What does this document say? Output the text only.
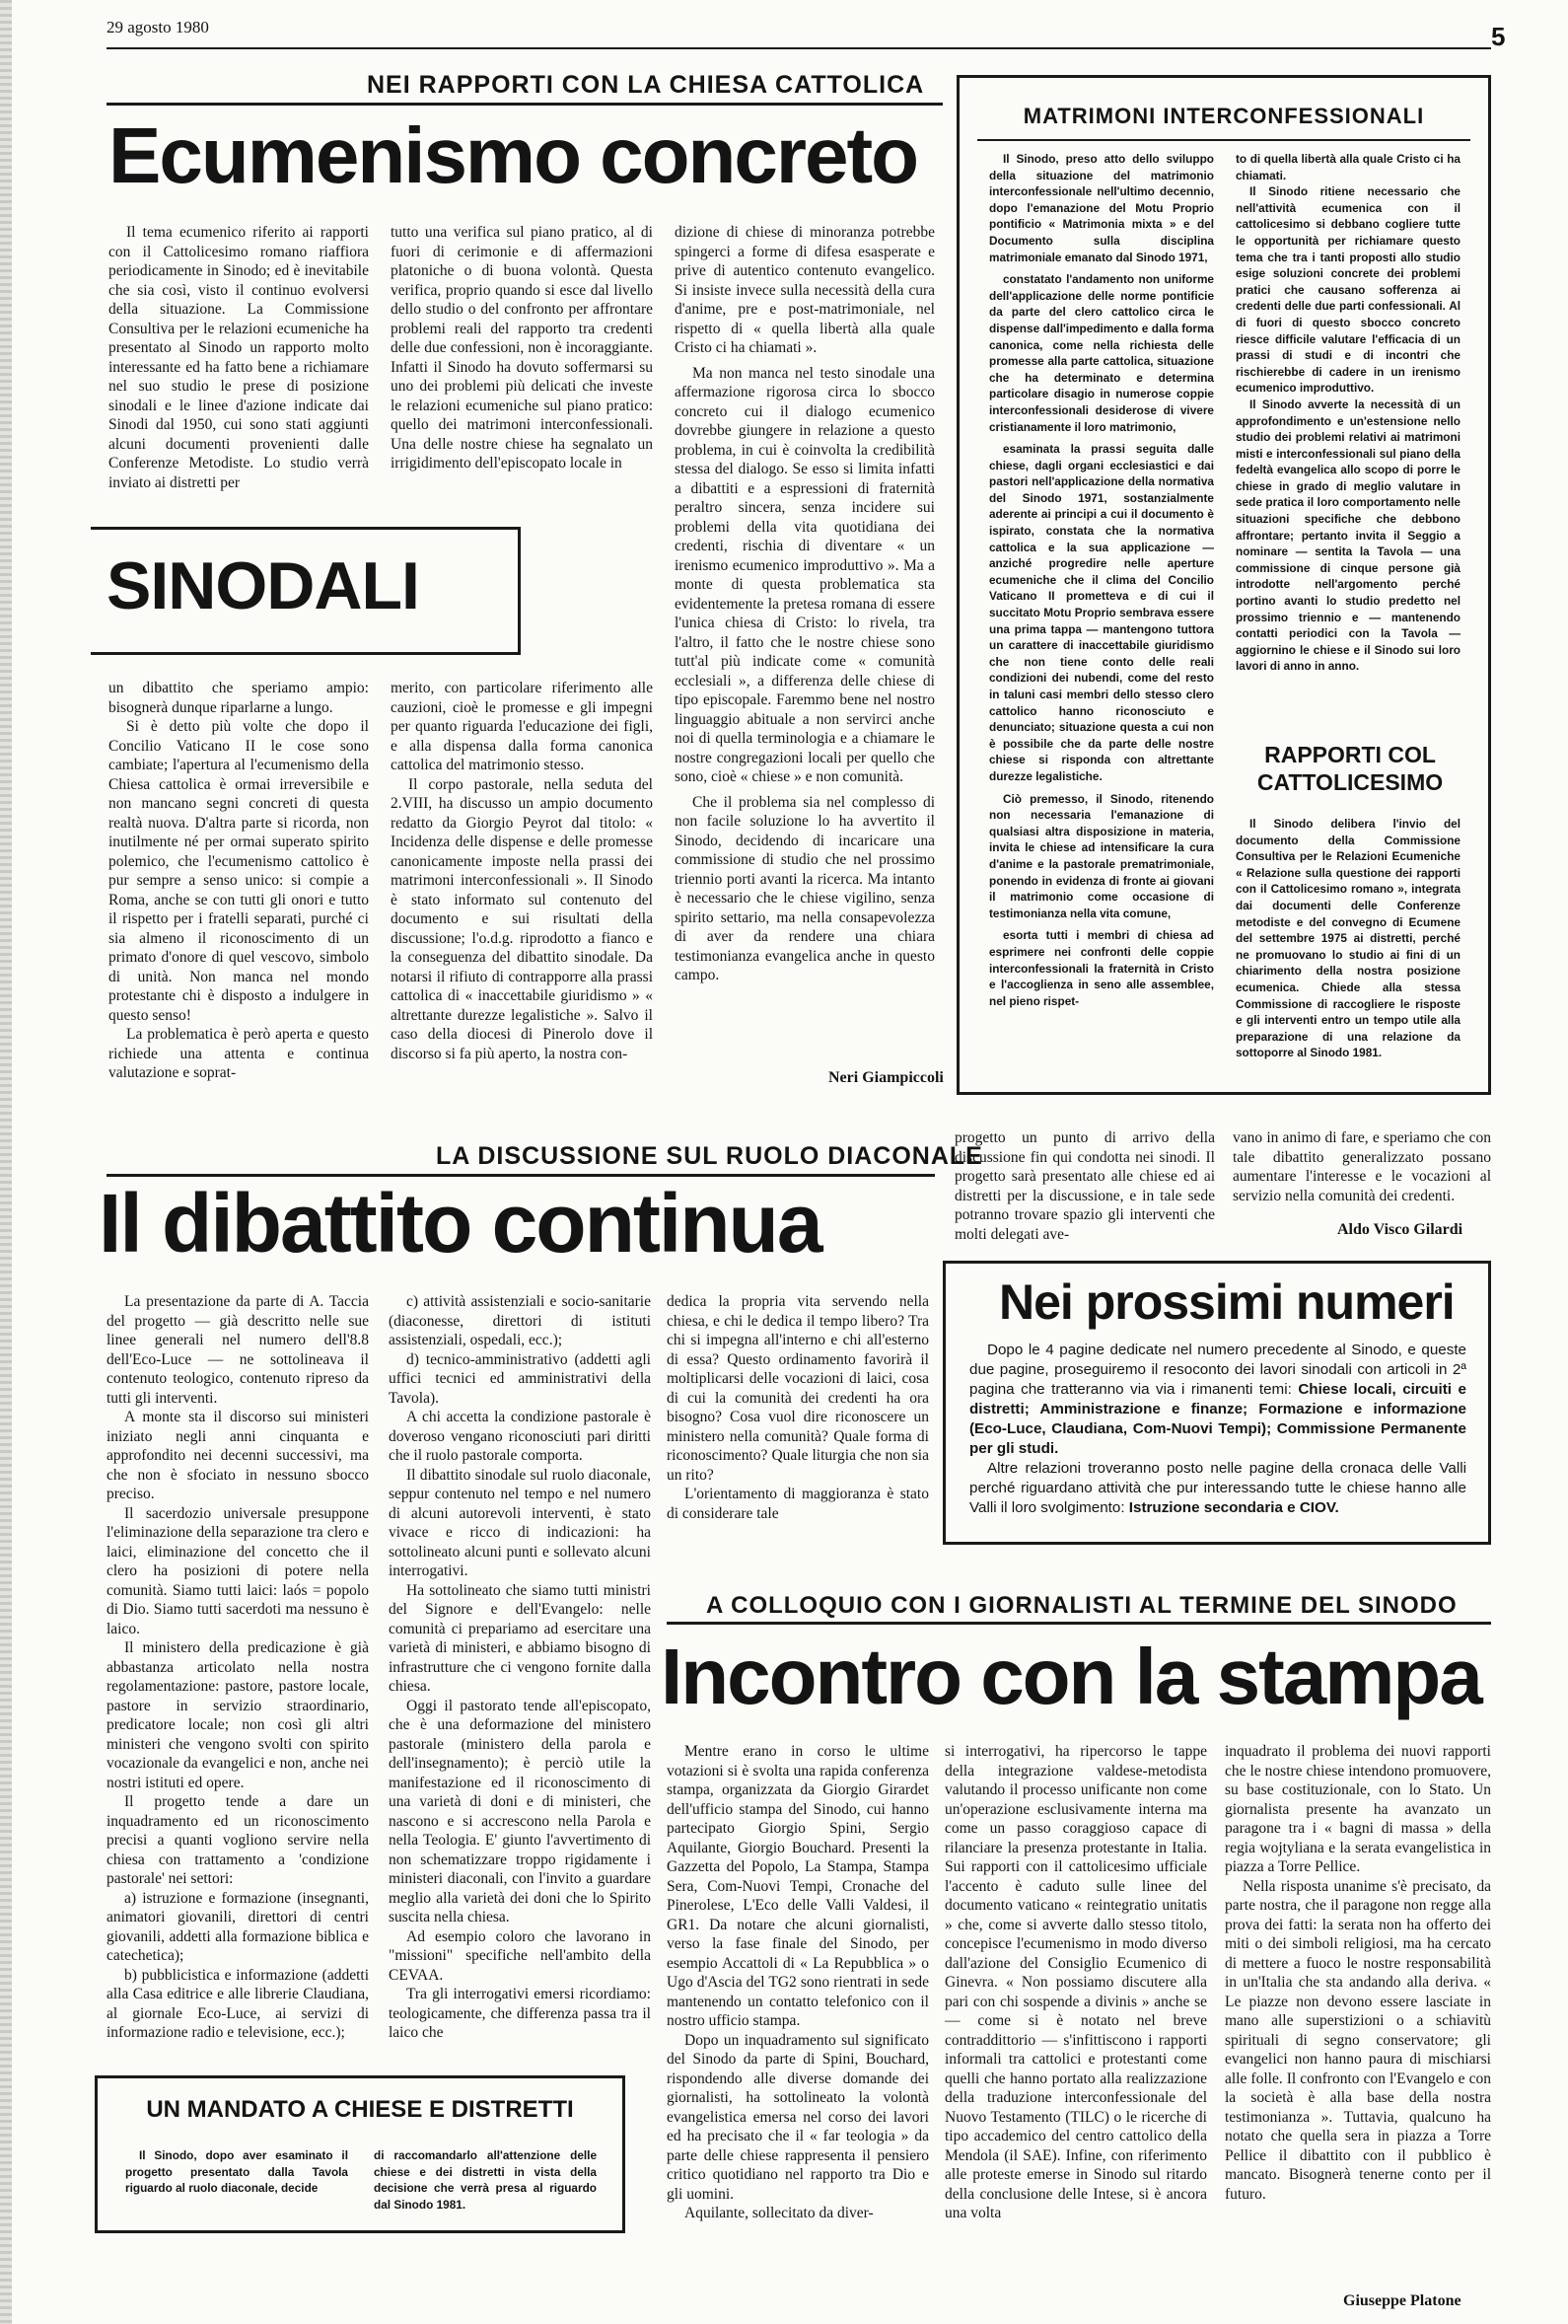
29 agosto 1980	5
NEI RAPPORTI CON LA CHIESA CATTOLICA
Ecumenismo concreto

Il tema ecumenico riferito ai rapporti con il Cattolicesimo romano riaffiora periodicamente in Sinodo; ed è inevitabile che sia così, visto il continuo evolversi della situazione. La Commissione Consultiva per le relazioni ecumeniche ha presentato al Sinodo un rapporto molto interessante ed ha fatto bene a richiamare nel suo studio le prese di posizione sinodali e le linee d'azione indicate dai Sinodi dal 1950, cui sono stati aggiunti alcuni documenti provenienti dalle Conferenze Metodiste. Lo studio verrà inviato ai distretti per

tutto una verifica sul piano pratico, al di fuori di cerimonie e di affermazioni platoniche o di buona volontà. Questa verifica, proprio quando si esce dal livello dello studio o del confronto per affrontare problemi reali del rapporto tra credenti delle due confessioni, non è incoraggiante. Infatti il Sinodo ha dovuto soffermarsi su uno dei problemi più delicati che investe le relazioni ecumeniche sul piano pratico: quello dei matrimoni interconfessionali. Una delle nostre chiese ha segnalato un irrigidimento dell'episcopato locale in

dizione di chiese di minoranza potrebbe spingerci a forme di difesa esasperate e prive di autentico contenuto evangelico. Si insiste invece sulla necessità della cura d'anime, pre e post-matrimoniale, nel rispetto di « quella libertà alla quale Cristo ci ha chiamati ».

Ma non manca nel testo sinodale una affermazione rigorosa circa lo sbocco concreto cui il dialogo ecumenico dovrebbe giungere in relazione a questo problema, in cui è coinvolta la credibilità stessa del dialogo. Se esso si limita infatti a dibattiti e a espressioni di fraternità peraltro sincera, senza incidere sui problemi della vita quotidiana dei credenti, rischia di diventare « un irenismo ecumenico improduttivo ». Ma a monte di questa problematica sta evidentemente la pretesa romana di essere l'unica chiesa di Cristo: lo rivela, tra l'altro, il fatto che le nostre chiese sono tutt'al più indicate come « comunità ecclesiali », a differenza delle chiese di tipo episcopale. Faremmo bene nel nostro linguaggio abituale a non servirci anche noi di quella terminologia e a chiamare le nostre congregazioni locali per quello che sono, cioè « chiese » e non comunità.

Che il problema sia nel complesso di non facile soluzione lo ha avvertito il Sinodo, decidendo di incaricare una commissione di studio che nel prossimo triennio porti avanti la ricerca. Ma intanto è necessario che le chiese vigilino, senza spirito settario, ma nella consapevolezza di aver da rendere una chiara testimonianza evangelica anche in questo campo.

SINODALI

un dibattito che speriamo ampio: bisognerà dunque riparlarne a lungo.

Si è detto più volte che dopo il Concilio Vaticano II le cose sono cambiate; l'apertura al l'ecumenismo della Chiesa cattolica è ormai irreversibile e non mancano segni concreti di questa realtà nuova. D'altra parte si ricorda, non inutilmente né per ormai superato spirito polemico, che l'ecumenismo cattolico è pur sempre a senso unico: si compie a Roma, anche se con tutti gli onori e tutto il rispetto per i fratelli separati, purché ci sia almeno il riconoscimento di un primato d'onore di quel vescovo, simbolo di unità. Non manca nel mondo protestante chi è disposto a indulgere in questo senso!

La problematica è però aperta e questo richiede una attenta e continua valutazione e soprat-

merito, con particolare riferimento alle cauzioni, cioè le promesse e gli impegni per quanto riguarda l'educazione dei figli, e alla dispensa dalla forma canonica cattolica del matrimonio stesso.

Il corpo pastorale, nella seduta del 2.VIII, ha discusso un ampio documento redatto da Giorgio Peyrot dal titolo: « Incidenza delle dispense e delle promesse canonicamente imposte nella prassi dei matrimoni interconfessionali ». Il Sinodo è stato informato sul contenuto del documento e sui risultati della discussione; l'o.d.g. riprodotto a fianco e la conseguenza del dibattito sinodale. Da notarsi il rifiuto di contrapporre alla prassi cattolica di « inaccettabile giuridismo » « altrettante durezze legalistiche ». Salvo il caso della diocesi di Pinerolo dove il discorso si fa più aperto, la nostra con-

Neri Giampiccoli
MATRIMONI INTERCONFESSIONALI

Il Sinodo, preso atto dello sviluppo della situazione del matrimonio interconfessionale nell'ultimo decennio, dopo l'emanazione del Motu Proprio pontificio « Matrimonia mixta » e del Documento sulla disciplina matrimoniale emanato dal Sinodo 1971,

constatato l'andamento non uniforme dell'applicazione delle norme pontificie da parte del clero cattolico circa le dispense dall'impedimento e dalla forma canonica, come nella richiesta delle promesse alla parte cattolica, situazione che ha determinato e determina particolare disagio in numerose coppie interconfessionali desiderose di vivere cristianamente il loro matrimonio,

esaminata la prassi seguita dalle chiese, dagli organi ecclesiastici e dai pastori nell'applicazione della normativa del Sinodo 1971, sostanzialmente aderente ai principi a cui il documento è ispirato, constata che la normativa cattolica e la sua applicazione — anziché progredire nelle aperture ecumeniche che il clima del Concilio Vaticano II prometteva e di cui il succitato Motu Proprio sembrava essere una prima tappa — mantengono tuttora un carattere di inaccettabile giuridismo che non tiene conto delle reali condizioni dei nubendi, come del resto in taluni casi membri dello stesso clero cattolico hanno riconosciuto e denunciato; situazione questa a cui non è possibile che da parte delle nostre chiese si risponda con altrettante durezze legalistiche.

Ciò premesso, il Sinodo, ritenendo non necessaria l'emanazione di qualsiasi altra disposizione in materia, invita le chiese ad intensificare la cura d'anime e la pastorale prematrimoniale, ponendo in evidenza di fronte ai giovani il matrimonio come occasione di testimonianza nella vita comune,

esorta tutti i membri di chiesa ad esprimere nei confronti delle coppie interconfessionali la fraternità in Cristo e l'accoglienza in seno alle assemblee, nel pieno rispet-

to di quella libertà alla quale Cristo ci ha chiamati.

Il Sinodo ritiene necessario che nell'attività ecumenica con il cattolicesimo si debbano cogliere tutte le opportunità per richiamare questo tema che tra i tanti proposti allo studio esige soluzioni concrete dei problemi pratici che causano sofferenza ai credenti delle due parti confessionali. Al di fuori di questo sbocco concreto riesce difficile valutare l'efficacia di un prassi di studi e di incontri che rischierebbe di cadere in un irenismo ecumenico improduttivo.

Il Sinodo avverte la necessità di un approfondimento e un'estensione nello studio dei problemi relativi ai matrimoni misti e interconfessionali sul piano della fedeltà evangelica allo scopo di porre le chiese in grado di meglio valutare in sede pratica il loro comportamento nelle situazioni specifiche che debbono affrontare; pertanto invita il Seggio a nominare — sentita la Tavola — una commissione di cinque persone già introdotte nell'argomento perché portino avanti lo studio predetto nel prossimo triennio e — mantenendo contatti periodici con la Tavola — aggiornino le chiese e il Sinodo sui loro lavori di anno in anno.

RAPPORTI COL CATTOLICESIMO

Il Sinodo delibera l'invio del documento della Commissione Consultiva per le Relazioni Ecumeniche « Relazione sulla questione dei rapporti con il Cattolicesimo romano », integrata dai documenti delle Conferenze metodiste e del convegno di Ecumene del settembre 1975 ai distretti, perché ne promuovano lo studio ai fini di un chiarimento della nostra posizione ecumenica. Chiede alla stessa Commissione di raccogliere le risposte e gli interventi entro un tempo utile alla preparazione di una relazione da sottoporre al Sinodo 1981.

LA DISCUSSIONE SUL RUOLO DIACONALE
Il dibattito continua

progetto un punto di arrivo della discussione fin qui condotta nei sinodi. Il progetto sarà presentato alle chiese ed ai distretti per la discussione, e in tale sede potranno trovare spazio gli interventi che molti delegati ave-

vano in animo di fare, e speriamo che con tale dibattito generalizzato possano aumentare l'interesse e le vocazioni al servizio nella comunità dei credenti.

Aldo Visco Gilardi

La presentazione da parte di A. Taccia del progetto — già descritto nelle sue linee generali nel numero dell'8.8 dell'Eco-Luce — ne sottolineava il contenuto teologico, contenuto ripreso da tutti gli interventi.

A monte sta il discorso sui ministeri iniziato negli anni cinquanta e approfondito nei decenni successivi, ma che non è sfociato in nessuno sbocco preciso.

Il sacerdozio universale presuppone l'eliminazione della separazione tra clero e laici, eliminazione del concetto che il clero ha posizioni di potere nella comunità. Siamo tutti laici: laós = popolo di Dio. Siamo tutti sacerdoti ma nessuno è laico.

Il ministero della predicazione è già abbastanza articolato nella nostra regolamentazione: pastore, pastore locale, pastore in servizio straordinario, predicatore locale; non così gli altri ministeri che vengono svolti con spirito vocazionale da evangelici e non, anche nei nostri istituti ed opere.

Il progetto tende a dare un inquadramento ed un riconoscimento precisi a quanti vogliono servire nella chiesa con trattamento a 'condizione pastorale' nei settori:

a) istruzione e formazione (insegnanti, animatori giovanili, direttori di centri giovanili, addetti alla formazione biblica e catechetica);

b) pubblicistica e informazione (addetti alla Casa editrice e alle librerie Claudiana, al giornale Eco-Luce, ai servizi di informazione radio e televisione, ecc.);

c) attività assistenziali e socio-sanitarie (diaconesse, direttori di istituti assistenziali, ospedali, ecc.);

d) tecnico-amministrativo (addetti agli uffici tecnici ed amministrativi della Tavola).

A chi accetta la condizione pastorale è doveroso vengano riconosciuti pari diritti che il ruolo pastorale comporta.

Il dibattito sinodale sul ruolo diaconale, seppur contenuto nel tempo e nel numero di alcuni autorevoli interventi, è stato vivace e ricco di indicazioni: ha sottolineato alcuni punti e sollevato alcuni interrogativi.

Ha sottolineato che siamo tutti ministri del Signore e dell'Evangelo: nelle comunità ci prepariamo ad esercitare una varietà di ministeri, e abbiamo bisogno di infrastrutture che ci vengono fornite dalla chiesa.

Oggi il pastorato tende all'episcopato, che è una deformazione del ministero pastorale (ministero della parola e dell'insegnamento); è perciò utile la manifestazione ed il riconoscimento di una varietà di doni e di ministeri, che nascono e si accrescono nella Parola e nella Teologia. E' giunto l'avvertimento di non schematizzare troppo rigidamente i ministeri diaconali, con l'invito a guardare meglio alla varietà dei doni che lo Spirito suscita nella chiesa.

Ad esempio coloro che lavorano in "missioni" specifiche nell'ambito della CEVAA.

Tra gli interrogativi emersi ricordiamo: teologicamente, che differenza passa tra il laico che

dedica la propria vita servendo nella chiesa, e chi le dedica il tempo libero? Tra chi si impegna all'interno e chi all'esterno di essa? Questo ordinamento favorirà il moltiplicarsi delle vocazioni di laici, cosa di cui la comunità dei credenti ha ora bisogno? Cosa vuol dire riconoscere un ministero nella comunità? Quale forma di riconoscimento? Quale liturgia che non sia un rito?

L'orientamento di maggioranza è stato di considerare tale

UN MANDATO A CHIESE E DISTRETTI

Il Sinodo, dopo aver esaminato il progetto presentato dalla Tavola riguardo al ruolo diaconale, decide

di raccomandarlo all'attenzione delle chiese e dei distretti in vista della decisione che verrà presa al riguardo dal Sinodo 1981.

Nei prossimi numeri

Dopo le 4 pagine dedicate nel numero precedente al Sinodo, e queste due pagine, proseguiremo il resoconto dei lavori sinodali con articoli in 2ª pagina che tratteranno via via i rimanenti temi: Chiese locali, circuiti e distretti; Amministrazione e finanze; Formazione e informazione (Eco-Luce, Claudiana, Com-Nuovi Tempi); Commissione Permanente per gli studi.

Altre relazioni troveranno posto nelle pagine della cronaca delle Valli perché riguardano attività che pur interessando tutte le chiese hanno alle Valli il loro svolgimento: Istruzione secondaria e CIOV.

A COLLOQUIO CON I GIORNALISTI AL TERMINE DEL SINODO
Incontro con la stampa

Mentre erano in corso le ultime votazioni si è svolta una rapida conferenza stampa, organizzata da Giorgio Girardet dell'ufficio stampa del Sinodo, cui hanno partecipato Giorgio Spini, Sergio Aquilante, Giorgio Bouchard. Presenti la Gazzetta del Popolo, La Stampa, Stampa Sera, Com-Nuovi Tempi, Cronache del Pinerolese, L'Eco delle Valli Valdesi, il GR1. Da notare che alcuni giornalisti, verso la fase finale del Sinodo, per esempio Accattoli di « La Repubblica » o Ugo d'Ascia del TG2 sono rientrati in sede mantenendo un contatto telefonico con il nostro ufficio stampa.

Dopo un inquadramento sul significato del Sinodo da parte di Spini, Bouchard, rispondendo alle diverse domande dei giornalisti, ha sottolineato la volontà evangelistica emersa nel corso dei lavori ed ha precisato che il « far teologia » da parte delle chiese rappresenta il pensiero critico quotidiano nel rapporto tra Dio e gli uomini.

Aquilante, sollecitato da diver-

si interrogativi, ha ripercorso le tappe della integrazione valdese-metodista valutando il processo unificante non come un'operazione esclusivamente interna ma come un passo coraggioso capace di rilanciare la presenza protestante in Italia. Sui rapporti con il cattolicesimo ufficiale l'accento è caduto sulle linee del documento vaticano « reintegratio unitatis » che, come si avverte dallo stesso titolo, concepisce l'ecumenismo in modo diverso dall'azione del Consiglio Ecumenico di Ginevra. « Non possiamo discutere alla pari con chi sospende a divinis » anche se — come si è notato nel breve contraddittorio — s'infittiscono i rapporti informali tra cattolici e protestanti come quelli che hanno portato alla realizzazione della traduzione interconfessionale del Nuovo Testamento (TILC) o le ricerche di tipo accademico del centro cattolico della Mendola (il SAE). Infine, con riferimento alle proteste emerse in Sinodo sul ritardo della conclusione delle Intese, si è ancora una volta

inquadrato il problema dei nuovi rapporti che le nostre chiese intendono promuovere, su base costituzionale, con lo Stato. Un giornalista presente ha avanzato un paragone tra i « bagni di massa » della regia wojtyliana e la serata evangelistica in piazza a Torre Pellice.

Nella risposta unanime s'è precisato, da parte nostra, che il paragone non regge alla prova dei fatti: la serata non ha offerto dei miti o dei simboli religiosi, ma ha cercato di mettere a fuoco le nostre responsabilità in un'Italia che sta andando alla deriva. « Le piazze non devono essere lasciate in mano alle superstizioni o a schiavitù spirituali di segno conservatore; gli evangelici non hanno paura di mischiarsi alle folle. Il confronto con l'Evangelo e con la società è alla base della nostra testimonianza ». Tuttavia, qualcuno ha notato che quella sera in piazza a Torre Pellice il dibattito con il pubblico è mancato. Bisognerà tenerne conto per il futuro.

Giuseppe Platone
